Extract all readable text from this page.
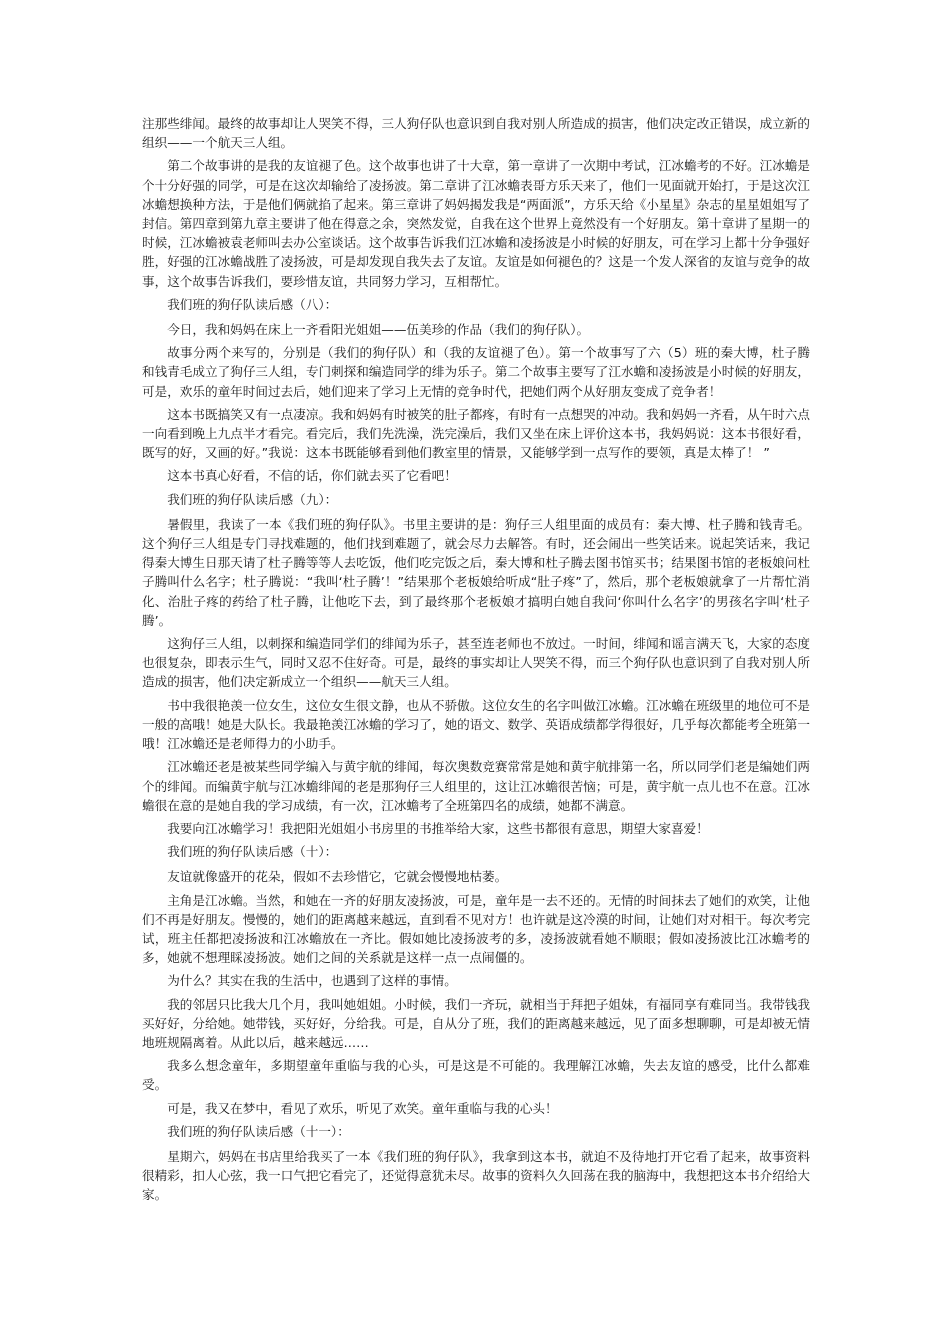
注那些绯闻。最终的故事却让人哭笑不得，三人狗仔队也意识到自我对别人所造成的损害，他们决定改正错误，成立新的组织——一个航天三人组。

第二个故事讲的是我的友谊褪了色。这个故事也讲了十大章，第一章讲了一次期中考试，江冰蟾考的不好。江冰蟾是个十分好强的同学，可是在这次却输给了凌扬波。第二章讲了江冰蟾表哥方乐天来了，他们一见面就开始打，于是这次江冰蟾想换种方法，于是他们俩就掐了起来。第三章讲了妈妈揭发我是“两面派”，方乐天给《小星星》杂志的星星姐姐写了封信。第四章到第九章主要讲了他在得意之余，突然发觉，自我在这个世界上竟然没有一个好朋友。第十章讲了星期一的时候，江冰蟾被袁老师叫去办公室谈话。这个故事告诉我们江冰蟾和凌扬波是小时候的好朋友，可在学习上都十分争强好胜，好强的江冰蟾战胜了凌扬波，可是却发现自我失去了友谊。友谊是如何褪色的？这是一个发人深省的友谊与竞争的故事，这个故事告诉我们，要珍惜友谊，共同努力学习，互相帮忙。

我们班的狗仔队读后感（八）：

今日，我和妈妈在床上一齐看阳光姐姐——伍美珍的作品（我们的狗仔队）。

故事分两个来写的，分别是（我们的狗仔队）和（我的友谊褪了色）。第一个故事写了六（5）班的秦大博，杜子腾和钱青毛成立了狗仔三人组，专门刺探和编造同学的绯为乐子。第二个故事主要写了江水蟾和凌扬波是小时候的好朋友，可是，欢乐的童年时间过去后，她们迎来了学习上无情的竞争时代，把她们两个从好朋友变成了竞争者！

这本书既搞笑又有一点凄凉。我和妈妈有时被笑的肚子都疼，有时有一点想哭的冲动。我和妈妈一齐看，从午时六点一向看到晚上九点半才看完。看完后，我们先洗澡，洗完澡后，我们又坐在床上评价这本书，我妈妈说：这本书很好看，既写的好，又画的好。”我说：这本书既能够看到他们教室里的情景，又能够学到一点写作的要领，真是太棒了！ ”

这本书真心好看，不信的话，你们就去买了它看吧！

我们班的狗仔队读后感（九）：

暑假里，我读了一本《我们班的狗仔队》。书里主要讲的是：狗仔三人组里面的成员有：秦大博、杜子腾和钱青毛。这个狗仔三人组是专门寻找难题的，他们找到难题了，就会尽力去解答。有时，还会闹出一些笑话来。说起笑话来，我记得秦大博生日那天请了杜子腾等等人去吃饭，他们吃完饭之后，秦大博和杜子腾去图书馆买书；结果图书馆的老板娘问杜子腾叫什么名字；杜子腾说：“我叫‘杜子腾’！”结果那个老板娘给听成“肚子疼”了，然后，那个老板娘就拿了一片帮忙消化、治肚子疼的药给了杜子腾，让他吃下去，到了最终那个老板娘才搞明白她自我问‘你叫什么名字’的男孩名字叫‘杜子腾’。

这狗仔三人组，以刺探和编造同学们的绯闻为乐子，甚至连老师也不放过。一时间，绯闻和谣言满天飞，大家的态度也很复杂，即表示生气，同时又忍不住好奇。可是，最终的事实却让人哭笑不得，而三个狗仔队也意识到了自我对别人所造成的损害，他们决定新成立一个组织——航天三人组。

书中我很艳羡一位女生，这位女生很文静，也从不骄傲。这位女生的名字叫做江冰蟾。江冰蟾在班级里的地位可不是一般的高哦！她是大队长。我最艳羡江冰蟾的学习了，她的语文、数学、英语成绩都学得很好，几乎每次都能考全班第一哦！江冰蟾还是老师得力的小助手。

江冰蟾还老是被某些同学编入与黄宇航的绯闻，每次奥数竞赛常常是她和黄宇航排第一名，所以同学们老是编她们两个的绯闻。而编黄宇航与江冰蟾绯闻的老是那狗仔三人组里的，这让江冰蟾很苦恼；可是，黄宇航一点儿也不在意。江冰蟾很在意的是她自我的学习成绩，有一次，江冰蟾考了全班第四名的成绩，她都不满意。

我要向江冰蟾学习！我把阳光姐姐小书房里的书推举给大家，这些书都很有意思，期望大家喜爱！

我们班的狗仔队读后感（十）：

友谊就像盛开的花朵，假如不去珍惜它，它就会慢慢地枯萎。

主角是江冰蟾。当然，和她在一齐的好朋友凌扬波，可是，童年是一去不还的。无情的时间抹去了她们的欢笑，让他们不再是好朋友。慢慢的，她们的距离越来越远，直到看不见对方！也许就是这冷漠的时间，让她们对对相干。每次考完试，班主任都把凌扬波和江冰蟾放在一齐比。假如她比凌扬波考的多，凌扬波就看她不顺眼；假如凌扬波比江冰蟾考的多，她就不想理睬凌扬波。她们之间的关系就是这样一点一点闹僵的。

为什么？其实在我的生活中，也遇到了这样的事情。

我的邻居只比我大几个月，我叫她姐姐。小时候，我们一齐玩，就相当于拜把子姐妹，有福同享有难同当。我带钱我买好好，分给她。她带钱，买好好，分给我。可是，自从分了班，我们的距离越来越远，见了面多想聊聊，可是却被无情地班规隔离着。从此以后，越来越远……

我多么想念童年，多期望童年重临与我的心头，可是这是不可能的。我理解江冰蟾，失去友谊的感受，比什么都难受。

可是，我又在梦中，看见了欢乐，听见了欢笑。童年重临与我的心头！

我们班的狗仔队读后感（十一）：

星期六，妈妈在书店里给我买了一本《我们班的狗仔队》，我拿到这本书，就迫不及待地打开它看了起来，故事资料很精彩，扣人心弦，我一口气把它看完了，还觉得意犹未尽。故事的资料久久回荡在我的脑海中，我想把这本书介绍给大家。
